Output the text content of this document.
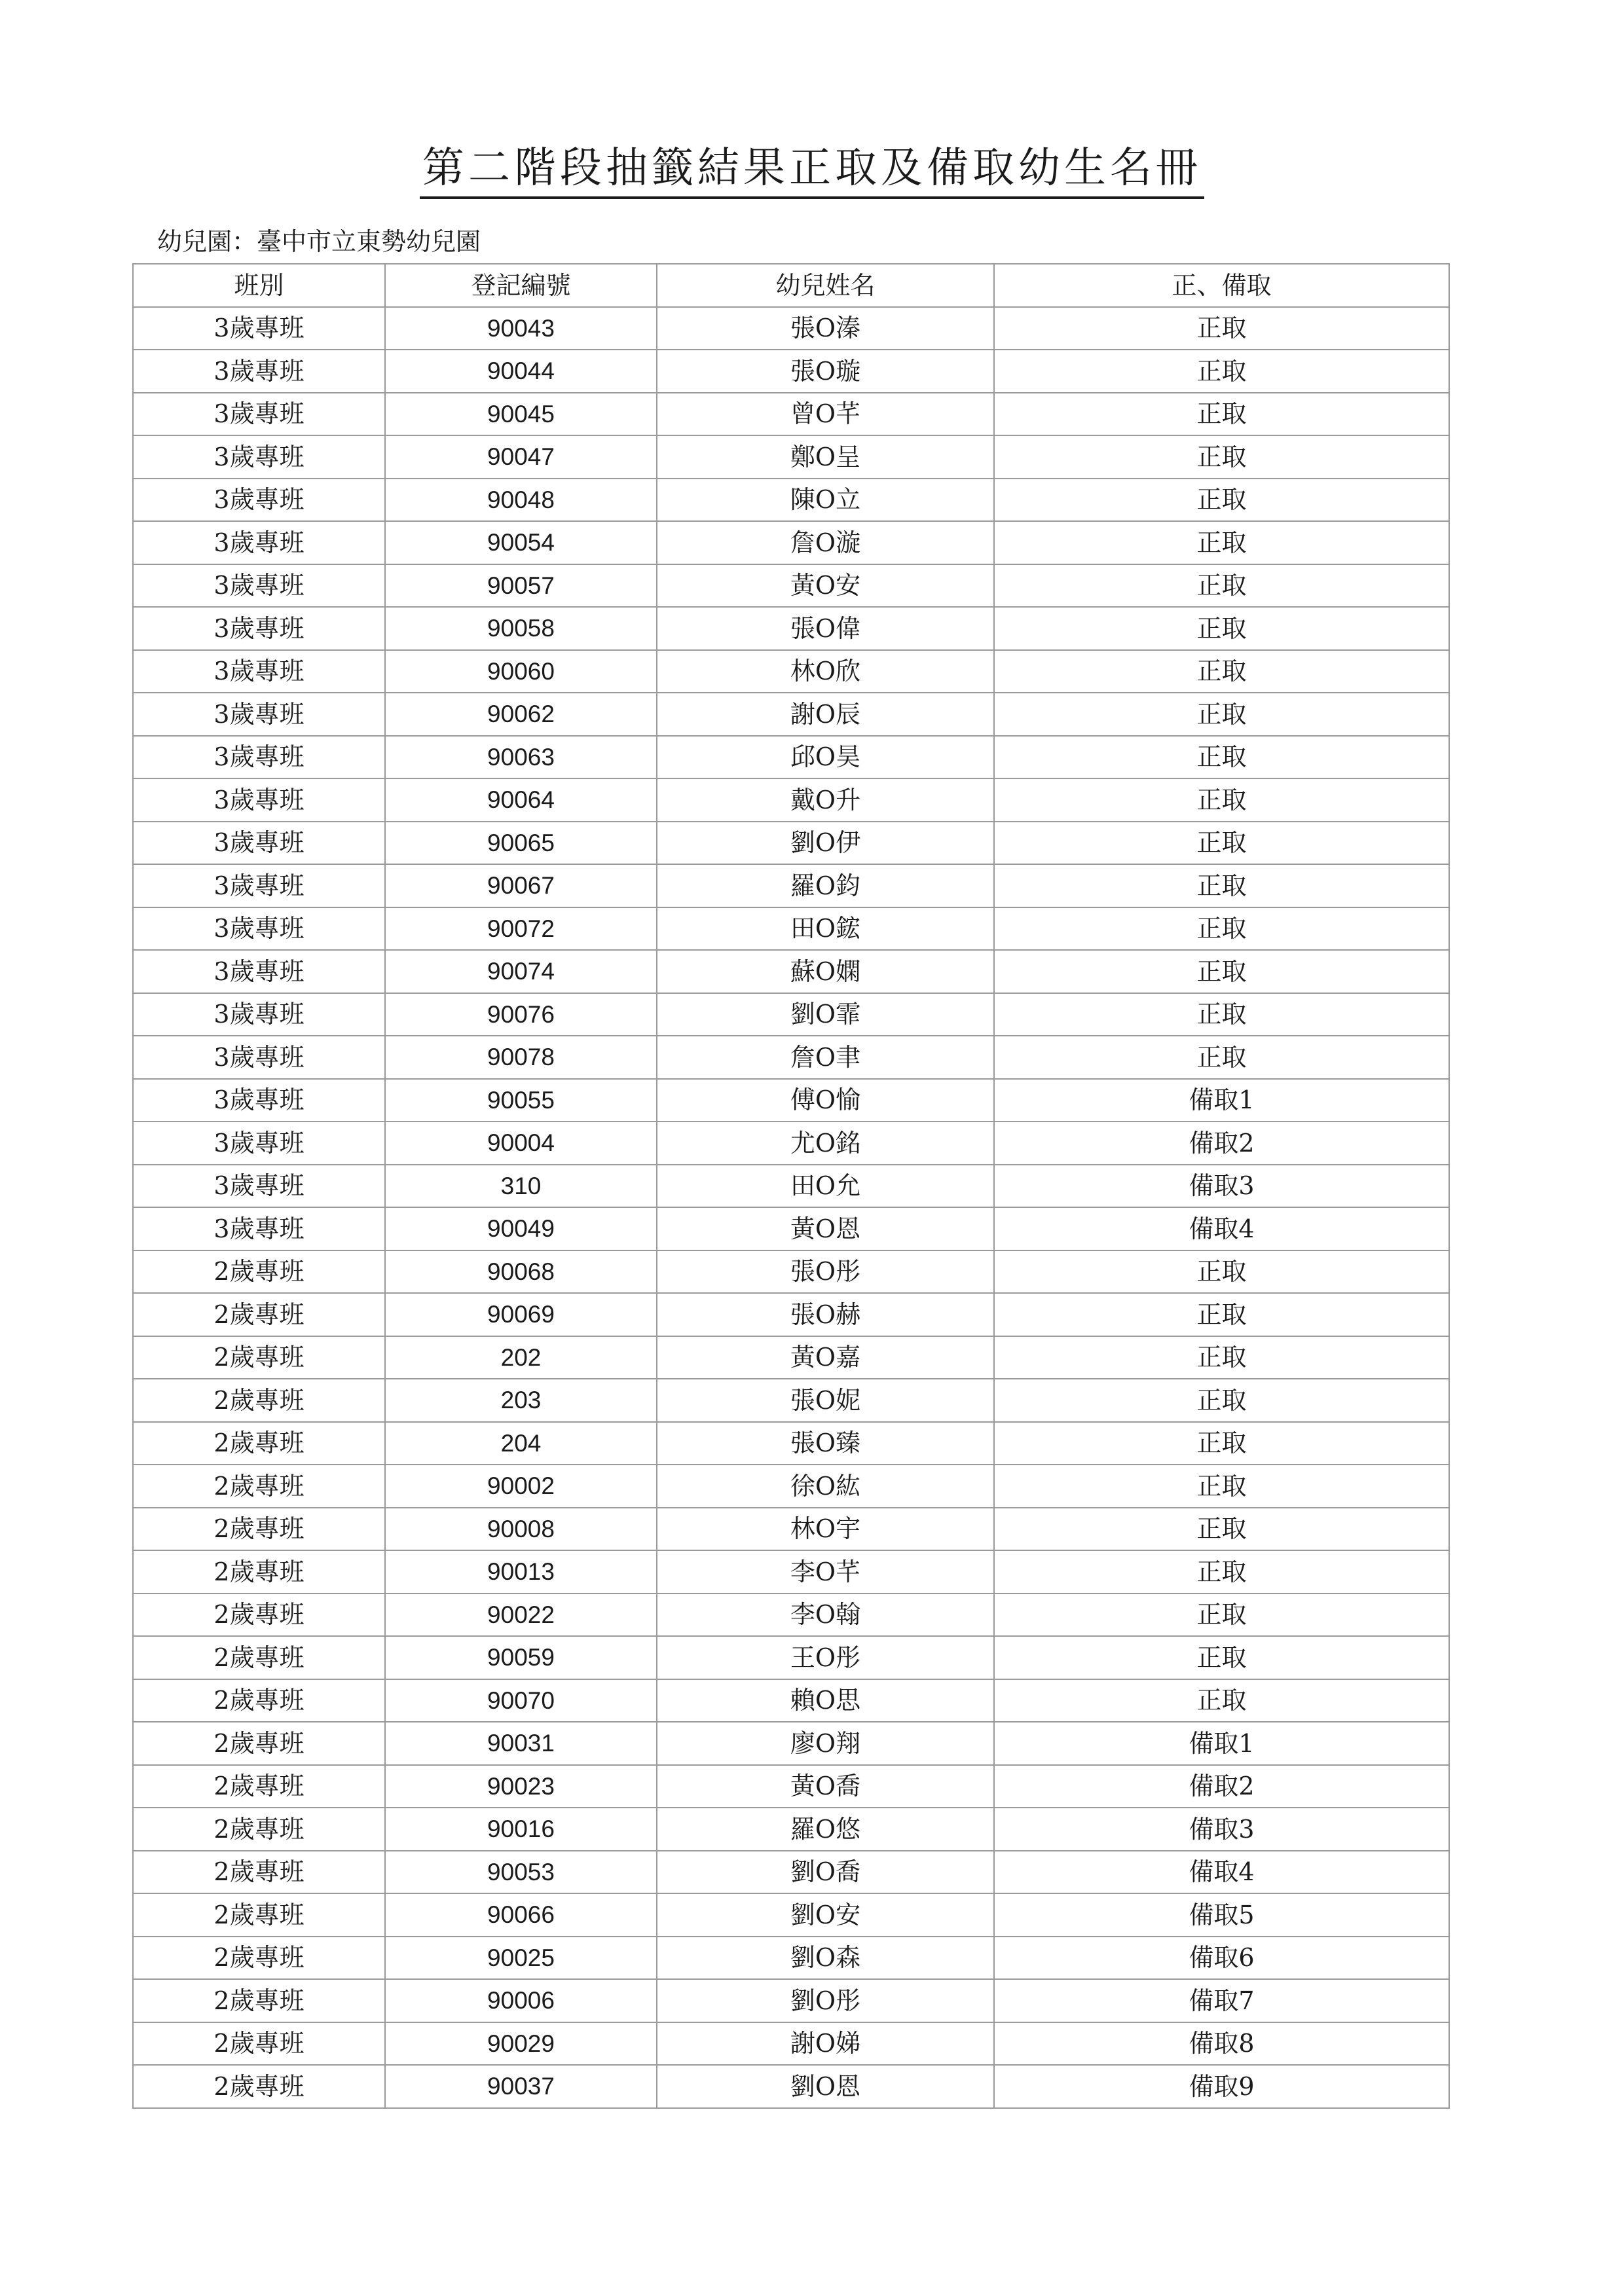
第二階段抽籤結果正取及備取幼生名冊
幼兒園：臺中市立東勢幼兒園
班別	登記編號	幼兒姓名	正、備取
3歲專班	90043	張O溱	正取
3歲專班	90044	張O璇	正取
3歲專班	90045	曾O芊	正取
3歲專班	90047	鄭O呈	正取
3歲專班	90048	陳O立	正取
3歲專班	90054	詹O漩	正取
3歲專班	90057	黃O安	正取
3歲專班	90058	張O偉	正取
3歲專班	90060	林O欣	正取
3歲專班	90062	謝O辰	正取
3歲專班	90063	邱O昊	正取
3歲專班	90064	戴O升	正取
3歲專班	90065	劉O伊	正取
3歲專班	90067	羅O鈞	正取
3歲專班	90072	田O鋐	正取
3歲專班	90074	蘇O嫻	正取
3歲專班	90076	劉O霏	正取
3歲專班	90078	詹O聿	正取
3歲專班	90055	傅O愉	備取1
3歲專班	90004	尤O銘	備取2
3歲專班	310	田O允	備取3
3歲專班	90049	黃O恩	備取4
2歲專班	90068	張O彤	正取
2歲專班	90069	張O赫	正取
2歲專班	202	黃O嘉	正取
2歲專班	203	張O妮	正取
2歲專班	204	張O臻	正取
2歲專班	90002	徐O紘	正取
2歲專班	90008	林O宇	正取
2歲專班	90013	李O芊	正取
2歲專班	90022	李O翰	正取
2歲專班	90059	王O彤	正取
2歲專班	90070	賴O思	正取
2歲專班	90031	廖O翔	備取1
2歲專班	90023	黃O喬	備取2
2歲專班	90016	羅O悠	備取3
2歲專班	90053	劉O喬	備取4
2歲專班	90066	劉O安	備取5
2歲專班	90025	劉O森	備取6
2歲專班	90006	劉O彤	備取7
2歲專班	90029	謝O娣	備取8
2歲專班	90037	劉O恩	備取9
